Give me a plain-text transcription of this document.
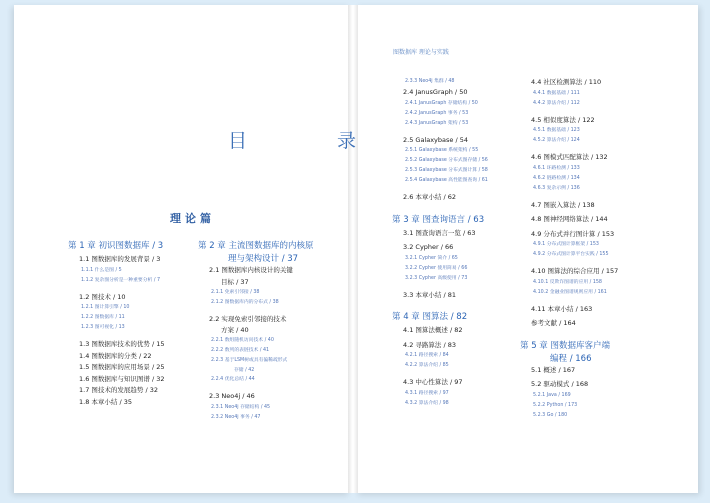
图数据库 理论与实践
目 录
理论篇
第 1 章 初识图数据库 / 3
1.1 图数据库的发展背景 / 3
1.1.1 什么是图 / 5
1.1.2 复杂图分析是一种重要分析 / 7
1.2 图技术 / 10
1.2.1 图计算引擎 / 10
1.2.2 图数据库 / 11
1.2.3 图可视化 / 13
1.3 图数据库技术的优势 / 15
1.4 图数据库的分类 / 22
1.5 图数据库的应用场景 / 25
1.6 图数据库与知识图谱 / 32
1.7 图技术的发展趋势 / 32
1.8 本章小结 / 35
第 2 章 主流图数据库的内核原
理与架构设计 / 37
2.1 图数据库内核设计的关键
目标 / 37
2.1.1 免索引邻接 / 38
2.1.2 图数据库内的分布式 / 38
2.2 实现免索引邻接的技术
方案 / 40
2.2.1 数组随机访问技术 / 40
2.2.2 数列的表链技术 / 41
2.2.3 基于LSM树或具有偏稀疏形式
存储 / 42
2.2.4 优化总结 / 44
2.3 Neo4j / 46
2.3.1 Neo4j 存储结构 / 45
2.3.2 Neo4j 事务 / 47
2.3.3 Neo4j 集群 / 48
2.4 JanusGraph / 50
2.4.1 JanusGraph 存储结构 / 50
2.4.2 JanusGraph 事务 / 53
2.4.3 JanusGraph 架构 / 53
2.5 Galaxybase / 54
2.5.1 Galaxybase 系统架构 / 55
2.5.2 Galaxybase 分布式图存储 / 56
2.5.3 Galaxybase 分布式图计算 / 58
2.5.4 Galaxybase 高性能图查询 / 61
2.6 本章小结 / 62
第 3 章 图查询语言 / 63
3.1 图查询语言一览 / 63
3.2 Cypher / 66
3.2.1 Cypher 简介 / 65
3.2.2 Cypher 使用简易 / 66
3.2.3 Cypher 高级使用 / 73
3.3 本章小结 / 81
第 4 章 图算法 / 82
4.1 图算法概述 / 82
4.2 寻路算法 / 83
4.2.1 路径搜索 / 84
4.2.2 算法介绍 / 85
4.3 中心性算法 / 97
4.3.1 路径搜索 / 97
4.3.2 算法介绍 / 98
4.4 社区检测算法 / 110
4.4.1 数据基础 / 111
4.4.2 算法介绍 / 112
4.5 相似度算法 / 122
4.5.1 数据基础 / 123
4.5.2 算法介绍 / 124
4.6 图模式匹配算法 / 132
4.6.1 环路检测 / 133
4.6.2 链路检测 / 134
4.6.3 复杂示例 / 136
4.7 图嵌入算法 / 138
4.8 图神经网络算法 / 144
4.9 分布式并行图计算 / 153
4.9.1 分布式图计算框架 / 153
4.9.2 分布式图计算平台实践 / 155
4.10 图算法的综合应用 / 157
4.10.1 反欺诈图谱的应用 / 158
4.10.2 金融业图谱规则应用 / 161
4.11 本章小结 / 163
参考文献 / 164
第 5 章 图数据库客户端
编程 / 166
5.1 概述 / 167
5.2 驱动模式 / 168
5.2.1 Java / 169
5.2.2 Python / 173
5.2.3 Go / 180
